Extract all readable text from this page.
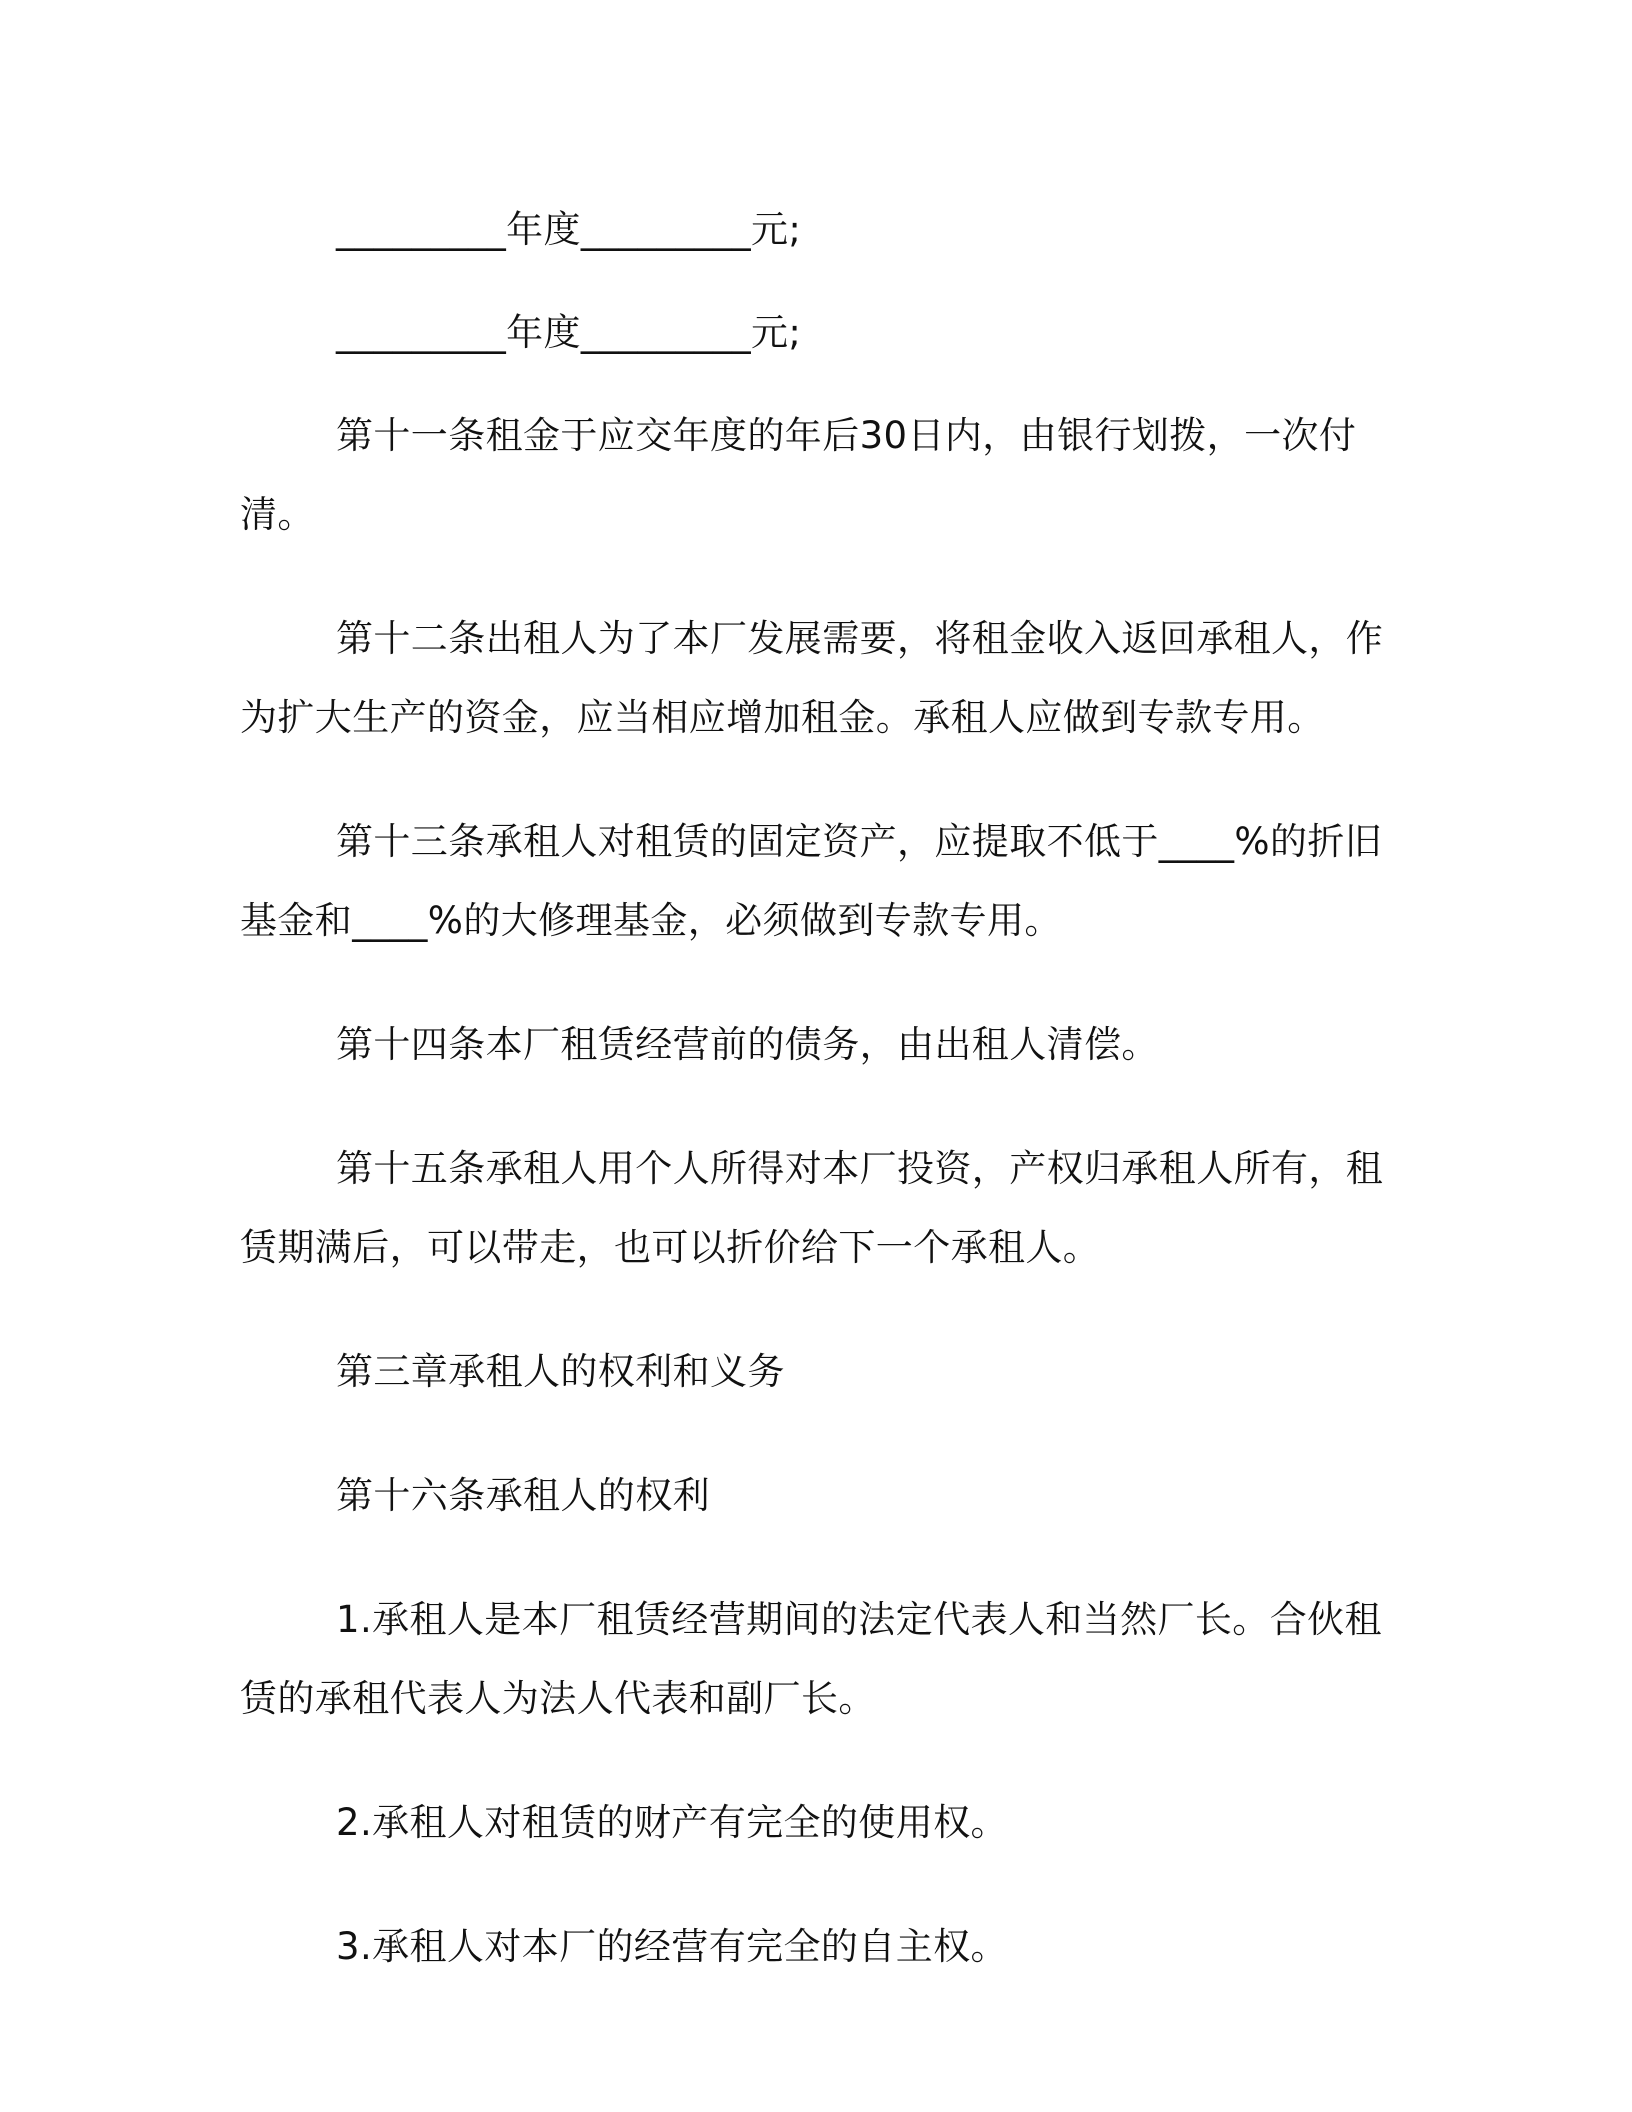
_________年度_________元;

_________年度_________元;

第十一条租金于应交年度的年后30日内，由银行划拨，一次付清。

第十二条出租人为了本厂发展需要，将租金收入返回承租人，作为扩大生产的资金，应当相应增加租金。承租人应做到专款专用。

第十三条承租人对租赁的固定资产，应提取不低于____%的折旧基金和____%的大修理基金，必须做到专款专用。

第十四条本厂租赁经营前的债务，由出租人清偿。

第十五条承租人用个人所得对本厂投资，产权归承租人所有，租赁期满后，可以带走，也可以折价给下一个承租人。

第三章承租人的权利和义务

第十六条承租人的权利

1.承租人是本厂租赁经营期间的法定代表人和当然厂长。合伙租赁的承租代表人为法人代表和副厂长。

2.承租人对租赁的财产有完全的使用权。

3.承租人对本厂的经营有完全的自主权。
